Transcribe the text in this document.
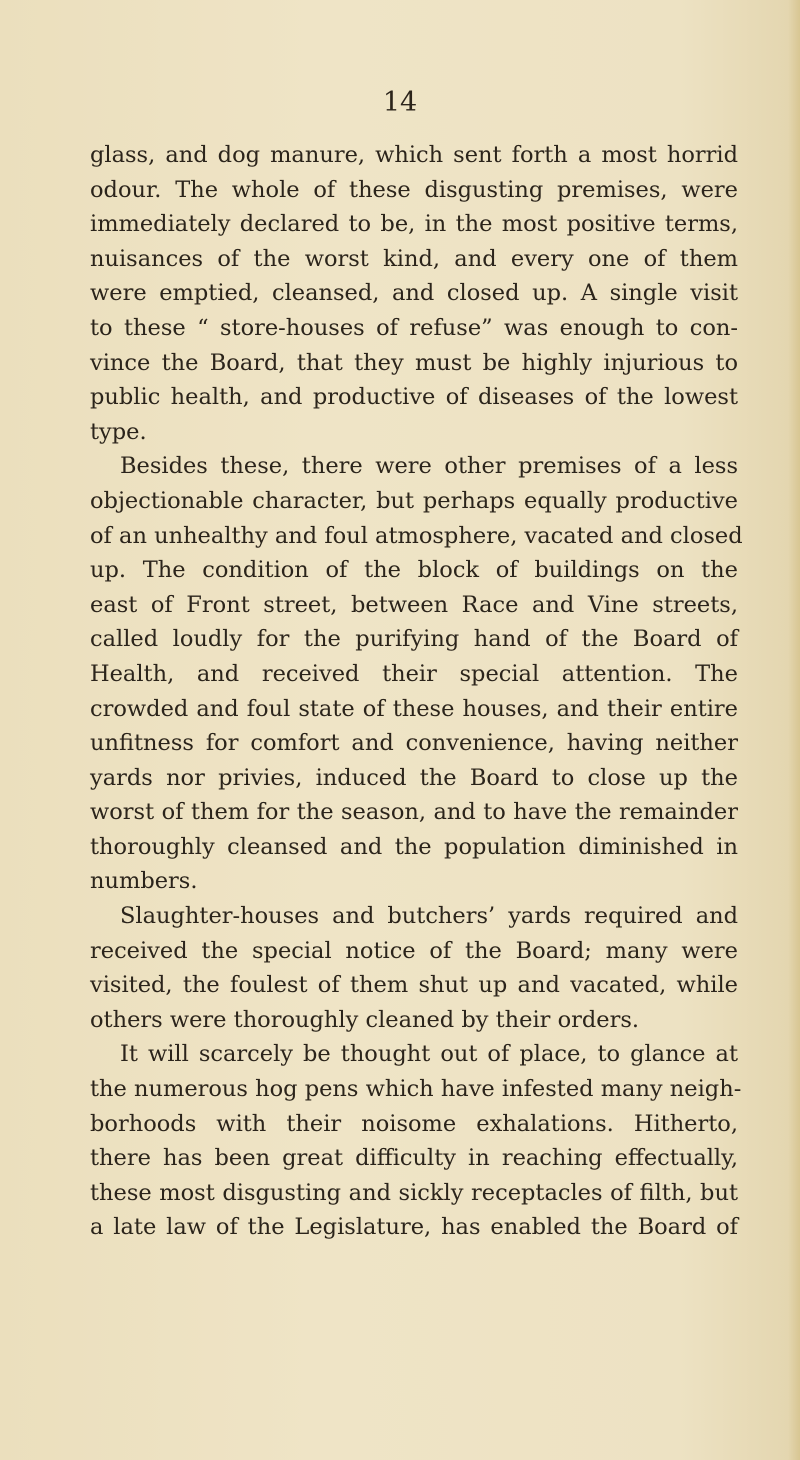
14
glass, and dog manure, which sent forth a most horrid
odour. The whole of these disgusting premises, were
immediately declared to be, in the most positive terms,
nuisances of the worst kind, and every one of them
were emptied, cleansed, and closed up. A single visit
to these “ store-houses of refuse” was enough to con-
vince the Board, that they must be highly injurious to
public health, and productive of diseases of the lowest
type.
Besides these, there were other premises of a less
objectionable character, but perhaps equally productive
of an unhealthy and foul atmosphere, vacated and closed
up. The condition of the block of buildings on the
east of Front street, between Race and Vine streets,
called loudly for the purifying hand of the Board of
Health, and received their special attention. The
crowded and foul state of these houses, and their entire
unfitness for comfort and convenience, having neither
yards nor privies, induced the Board to close up the
worst of them for the season, and to have the remainder
thoroughly cleansed and the population diminished in
numbers.
Slaughter-houses and butchers’ yards required and
received the special notice of the Board; many were
visited, the foulest of them shut up and vacated, while
others were thoroughly cleaned by their orders.
It will scarcely be thought out of place, to glance at
the numerous hog pens which have infested many neigh-
borhoods with their noisome exhalations. Hitherto,
there has been great difficulty in reaching effectually,
these most disgusting and sickly receptacles of filth, but
a late law of the Legislature, has enabled the Board of
